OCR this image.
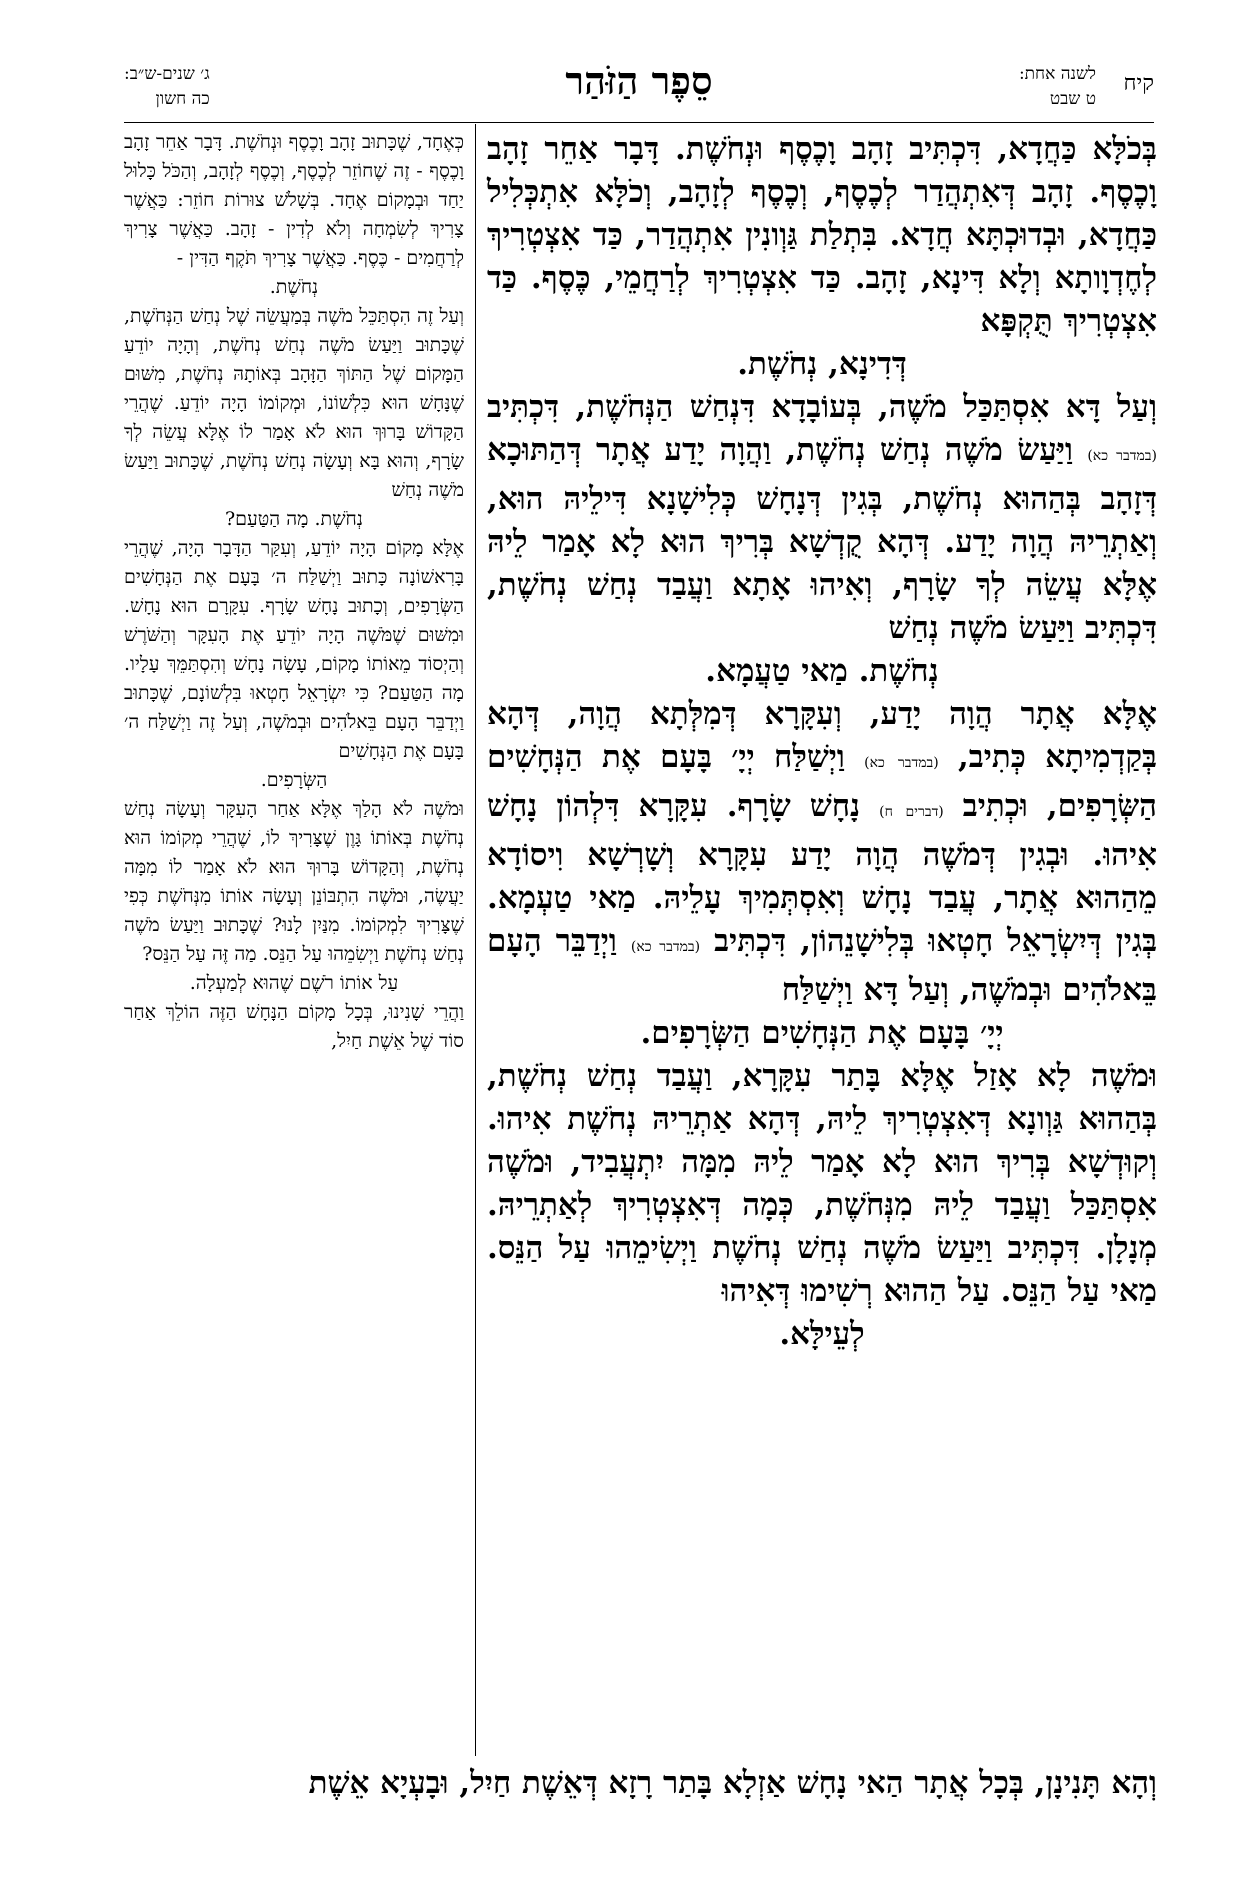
קיח
לשנה אחת:
ט שבט
סֵפֶר הַזֹּהַר
ג׳ שנים-ש״ב:
כה חשון

בְּכֹלָּא כַּחֲדָא, דִּכְתִּיב זָהָב וָכֶסֶף וּנְחֹשֶׁת. דָּבָר אַחֵר זָהָב וָכֶסֶף. זָהָב דְּאִתְהֲדַר לְכֶסֶף, וְכֶסֶף לְזָהָב, וְכֹלָּא אִתְכְּלִיל כַּחֲדָא, וּבְדוּכְתָּא חֲדָא. בִּתְלַת גַּוְונִין אִתְהֲדַר, כַּד אִצְטְרִיךְ לְחֶדְוָותָא וְלָא דִּינָא, זָהָב. כַּד אִצְטְרִיךְ לְרַחֲמֵי, כֶּסֶף. כַּד אִצְטְרִיךְ תֻּקְפָּא

דְּדִינָא, נְחֹשֶׁת.

וְעַל דָּא אִסְתַּכַּל מֹשֶׁה, בְּעוֹבָדָא דִּנְחַשׁ הַנְּחֹשֶׁת, דִּכְתִּיב (במדבר כא) וַיַּעַשׂ מֹשֶׁה נְחַשׁ נְחֹשֶׁת, וַהֲוָה יָדַע אֲתָר דְּהַתּוּכָא דְּזָהָב בְּהַהוּא נְחֹשֶׁת, בְּגִין דְּנָחָשׁ כְּלִישָׁנָא דִּילֵיהּ הוּא, וְאַתְרֵיהּ הֲוָה יָדַע. דְּהָא קֻדְשָׁא בְּרִיךְ הוּא לָא אָמַר לֵיהּ אֶלָּא עֲשֵׂה לְךָ שָׂרָף, וְאִיהוּ אָתָא וַעֲבַד נְחַשׁ נְחֹשֶׁת, דִּכְתִּיב וַיַּעַשׂ מֹשֶׁה נְחַשׁ

נְחֹשֶׁת. מַאי טַעֲמָא.

אֶלָּא אֲתָר הֲוָה יָדַע, וְעִקָּרָא דְּמִלְּתָא הֲוָה, דְּהָא בְּקַדְמִיתָא כְּתִיב, (במדבר כא) וַיְשַׁלַּח יְיָ׳ בָּעָם אֶת הַנְּחָשִׁים הַשְּׂרָפִים, וּכְתִיב (דברים ח) נָחָשׁ שָׂרָף. עִקָּרָא דִּלְהוֹן נָחָשׁ אִיהוּ. וּבְגִין דְּמֹשֶׁה הֲוָה יָדַע עִקָּרָא וְשָׁרְשָׁא וִיסוֹדָא מֵהַהוּא אֲתָר, עֲבַד נָחָשׁ וְאִסְתְּמִיךְ עָלֵיהּ. מַאי טַעְמָא. בְּגִין דְּיִשְׂרָאֵל חָטְאוּ בְּלִישָׁנֵהוֹן, דִּכְתִּיב (במדבר כא) וַיְדַבֵּר הָעָם בֵּאלֹהִים וּבְמֹשֶׁה, וְעַל דָּא וַיְשַׁלַּח

יְיָ׳ בָּעָם אֶת הַנְּחָשִׁים הַשְּׂרָפִים.

וּמֹשֶׁה לָא אָזַל אֶלָּא בָּתַר עִקָּרָא, וַעֲבַד נְחַשׁ נְחֹשֶׁת, בְּהַהוּא גַּוְונָא דְּאִצְטְרִיךְ לֵיהּ, דְּהָא אַתְרֵיהּ נְחֹשֶׁת אִיהוּ. וְקוּדְשָׁא בְּרִיךְ הוּא לָא אָמַר לֵיהּ מִמָּה יִתְעֲבִיד, וּמֹשֶׁה אִסְתַּכַּל וַעֲבַד לֵיהּ מִנְּחֹשֶׁת, כְּמָה דְּאִצְטְרִיךְ לְאַתְרֵיהּ. מְנָלָן. דִּכְתִּיב וַיַּעַשׂ מֹשֶׁה נְחַשׁ נְחֹשֶׁת וַיְשִׂימֵהוּ עַל הַנֵּס. מַאי עַל הַנֵּס. עַל הַהוּא רְשִׁימוּ דְּאִיהוּ

לְעֵילָּא.

כְּאֶחָד, שֶׁכָּתוּב זָהָב וָכֶסֶף וּנְחֹשֶׁת. דָּבָר אַחֵר זָהָב וָכֶסֶף - זֶה שֶׁחוֹזֵר לְכֶסֶף, וְכֶסֶף לְזָהָב, וְהַכֹּל כָּלוּל יַחַד וּבְמָקוֹם אֶחָד. בְּשָׁלֹשׁ צוּרוֹת חוֹזֵר: כַּאֲשֶׁר צָרִיךְ לְשִׂמְחָה וְלֹא לְדִין - זָהָב. כַּאֲשֶׁר צָרִיךְ לְרַחֲמִים - כֶּסֶף. כַּאֲשֶׁר צָרִיךְ תֹּקֶף הַדִּין -

נְחֹשֶׁת.

וְעַל זֶה הִסְתַּכֵּל מֹשֶׁה בְּמַעֲשֵׂה שֶׁל נְחַשׁ הַנְּחֹשֶׁת, שֶׁכָּתוּב וַיַּעַשׂ מֹשֶׁה נְחַשׁ נְחֹשֶׁת, וְהָיָה יוֹדֵעַ הַמָּקוֹם שֶׁל הַתּוֹךְ הַזָּהָב בְּאוֹתָהּ נְחֹשֶׁת, מִשּׁוּם שֶׁנָּחָשׁ הוּא כִּלְשׁוֹנוֹ, וּמְקוֹמוֹ הָיָה יוֹדֵעַ. שֶׁהֲרֵי הַקָּדוֹשׁ בָּרוּךְ הוּא לֹא אָמַר לוֹ אֶלָּא עֲשֵׂה לְךָ שָׂרָף, וְהוּא בָּא וְעָשָׂה נְחַשׁ נְחֹשֶׁת, שֶׁכָּתוּב וַיַּעַשׂ מֹשֶׁה נְחַשׁ

נְחֹשֶׁת. מָה הַטַּעַם?

אֶלָּא מָקוֹם הָיָה יוֹדֵעַ, וְעִקַּר הַדָּבָר הָיָה, שֶׁהֲרֵי בָּרִאשׁוֹנָה כָּתוּב וַיְשַׁלַּח ה׳ בָּעָם אֶת הַנְּחָשִׁים הַשְּׂרָפִים, וְכָתוּב נָחָשׁ שָׂרָף. עִקָּרָם הוּא נָחָשׁ. וּמִשּׁוּם שֶׁמֹּשֶׁה הָיָה יוֹדֵעַ אֶת הָעִקָּר וְהַשֹּׁרֶשׁ וְהַיְסוֹד מֵאוֹתוֹ מָקוֹם, עָשָׂה נָחָשׁ וְהִסְתַּמֵּךְ עָלָיו. מָה הַטַּעַם? כִּי יִשְׂרָאֵל חָטְאוּ בִּלְשׁוֹנָם, שֶׁכָּתוּב וַיְדַבֵּר הָעָם בֵּאלֹהִים וּבְמֹשֶׁה, וְעַל זֶה וַיְשַׁלַּח ה׳ בָּעָם אֶת הַנְּחָשִׁים

הַשְּׂרָפִים.

וּמֹשֶׁה לֹא הָלַךְ אֶלָּא אַחַר הָעִקָּר וְעָשָׂה נְחַשׁ נְחֹשֶׁת בְּאוֹתוֹ גָּוֶן שֶׁצָּרִיךְ לוֹ, שֶׁהֲרֵי מְקוֹמוֹ הוּא נְחֹשֶׁת, וְהַקָּדוֹשׁ בָּרוּךְ הוּא לֹא אָמַר לוֹ מִמָּה יַעֲשֶׂה, וּמֹשֶׁה הִתְבּוֹנֵן וְעָשָׂה אוֹתוֹ מִנְּחֹשֶׁת כְּפִי שֶׁצָּרִיךְ לִמְקוֹמוֹ. מִנַּיִן לָנוּ? שֶׁכָּתוּב וַיַּעַשׂ מֹשֶׁה נְחַשׁ נְחֹשֶׁת וַיְשִׂמֵהוּ עַל הַנֵּס. מַה זֶּה עַל הַנֵּס?

עַל אוֹתוֹ רֹשֶׁם שֶׁהוּא לְמַעְלָה.

וַהֲרֵי שָׁנִינוּ, בְּכָל מָקוֹם הַנָּחָשׁ הַזֶּה הוֹלֵךְ אַחַר סוֹד שֶׁל אֵשֶׁת חַיִל,

וְהָא תָּנִינָן, בְּכָל אֲתָר הַאי נָחָשׁ אַזְלָא בָּתַר רָזָא דְּאֵשֶׁת חַיִל, וּבָעְיָא אֵשֶׁת
